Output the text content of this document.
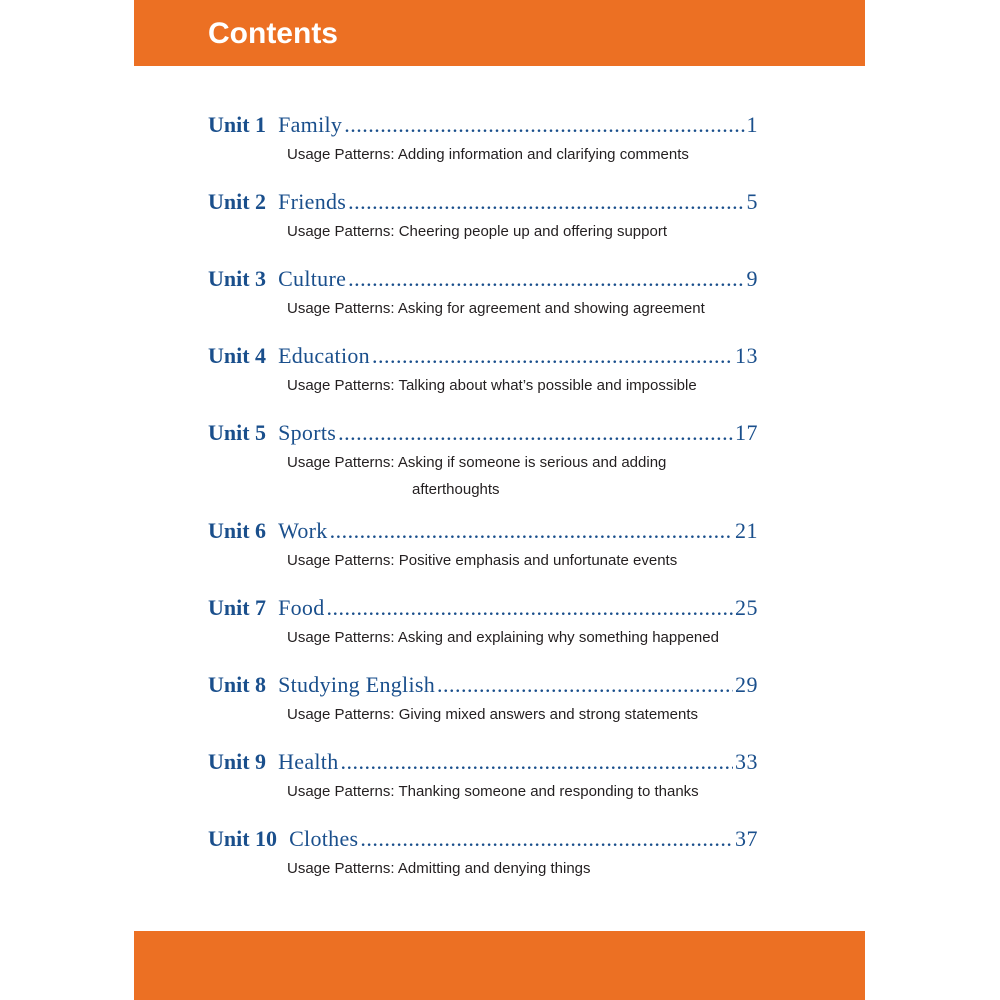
Contents
Unit 1 Family .....	1
Usage Patterns: Adding information and clarifying comments
Unit 2 Friends .....	5
Usage Patterns: Cheering people up and offering support
Unit 3 Culture .....	9
Usage Patterns: Asking for agreement and showing agreement
Unit 4 Education .....	13
Usage Patterns: Talking about what’s possible and impossible
Unit 5 Sports .....	17
Usage Patterns: Asking if someone is serious and adding
afterthoughts
Unit 6 Work .....	21
Usage Patterns: Positive emphasis and unfortunate events
Unit 7 Food .....	25
Usage Patterns: Asking and explaining why something happened
Unit 8 Studying English .....	29
Usage Patterns: Giving mixed answers and strong statements
Unit 9 Health .....	33
Usage Patterns: Thanking someone and responding to thanks
Unit 10 Clothes .....	37
Usage Patterns: Admitting and denying things
